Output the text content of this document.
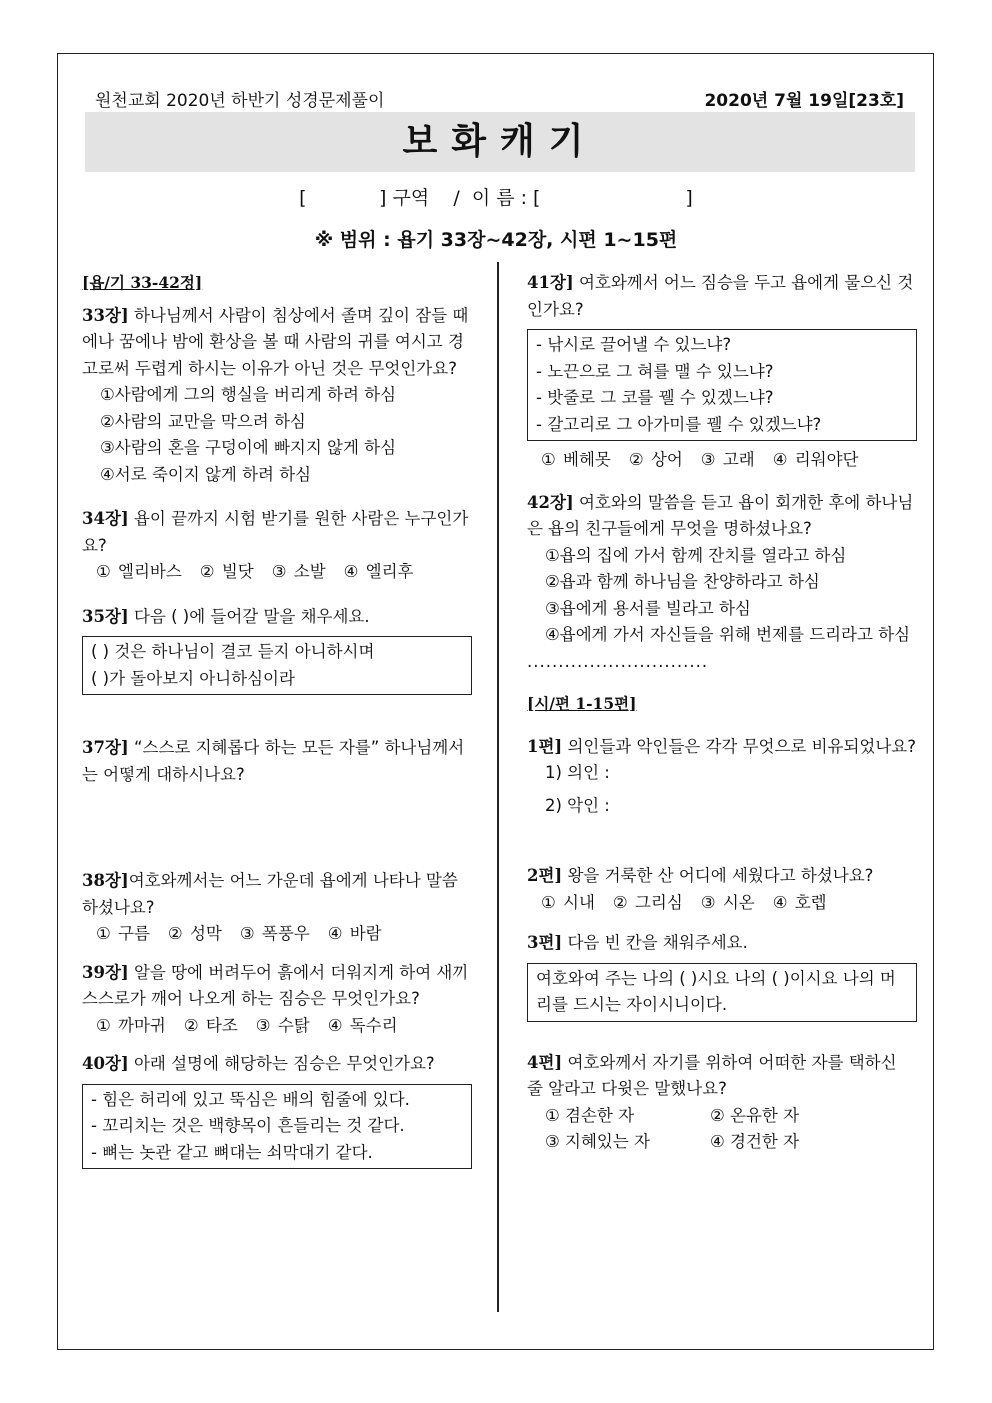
원천교회 2020년 하반기 성경문제풀이	2020년 7월 19일[23호]
보화캐기
[            ] 구역    /  이 름 : [                        ]
※ 범위 : 욥기 33장~42장, 시편 1~15편
[욥/기 33-42정]
33장] 하나님께서 사람이 침상에서 졸며 깊이 잠들 때에나 꿈에나 밤에 환상을 볼 때 사람의 귀를 여시고 경고로써 두렵게 하시는 이유가 아닌 것은 무엇인가요?
①사람에게 그의 행실을 버리게 하려 하심
②사람의 교만을 막으려 하심
③사람의 혼을 구덩이에 빠지지 않게 하심
④서로 죽이지 않게 하려 하심
34장] 욥이 끝까지 시험 받기를 원한 사람은 누구인가요?
① 엘리바스 ② 빌닷 ③ 소발 ④ 엘리후
35장] 다음 ( )에 들어갈 말을 채우세요.
( ) 것은 하나님이 결코 듣지 아니하시며
( )가 돌아보지 아니하심이라
37장] “스스로 지혜롭다 하는 모든 자를” 하나님께서는 어떻게 대하시나요?
38장]여호와께서는 어느 가운데 욥에게 나타나 말씀하셨나요?
① 구름 ② 성막 ③ 폭풍우 ④ 바람
39장] 알을 땅에 버려두어 흙에서 더워지게 하여 새끼 스스로가 깨어 나오게 하는 짐승은 무엇인가요?
① 까마귀 ② 타조 ③ 수탉 ④ 독수리
40장] 아래 설명에 해당하는 짐승은 무엇인가요?
- 힘은 허리에 있고 뚝심은 배의 힘줄에 있다.
- 꼬리치는 것은 백향목이 흔들리는 것 같다.
- 뼈는 놋관 같고 뼈대는 쇠막대기 같다.
41장] 여호와께서 어느 짐승을 두고 욥에게 물으신 것인가요?
- 낚시로 끌어낼 수 있느냐?
- 노끈으로 그 혀를 맬 수 있느냐?
- 밧줄로 그 코를 꿸 수 있겠느냐?
- 갈고리로 그 아가미를 꿸 수 있겠느냐?
① 베헤못 ② 상어 ③ 고래 ④ 리워야단
42장] 여호와의 말씀을 듣고 욥이 회개한 후에 하나님은 욥의 친구들에게 무엇을 명하셨나요?
①욥의 집에 가서 함께 잔치를 열라고 하심
②욥과 함께 하나님을 찬양하라고 하심
③욥에게 용서를 빌라고 하심
④욥에게 가서 자신들을 위해 번제를 드리라고 하심
.............................
[시/편 1-15편]
1편] 의인들과 악인들은 각각 무엇으로 비유되었나요?
1) 의인 :
2) 악인 :
2편] 왕을 거룩한 산 어디에 세웠다고 하셨나요?
① 시내 ② 그리심 ③ 시온 ④ 호렙
3편] 다음 빈 칸을 채워주세요.
여호와여 주는 나의 ( )시요 나의 ( )이시요 나의 머리를 드시는 자이시니이다.
4편] 여호와께서 자기를 위하여 어떠한 자를 택하신 줄 알라고 다윗은 말했나요?
① 겸손한 자	② 온유한 자
③ 지혜있는 자	④ 경건한 자
